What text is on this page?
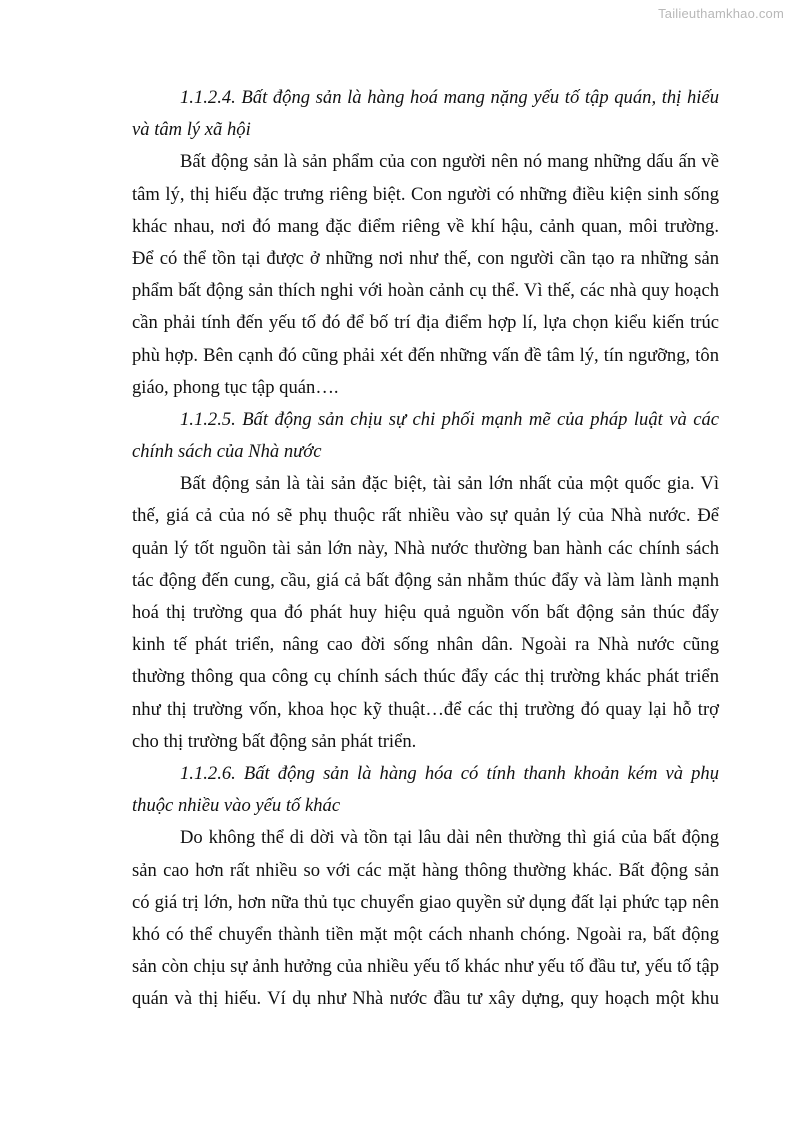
Tailieuthamkhao.com
1.1.2.4. Bất động sản là hàng hoá mang nặng yếu tố tập quán, thị hiếu
và tâm lý xã hội
Bất động sản là sản phẩm của con người nên nó mang những dấu ấn về
tâm lý, thị hiếu đặc trưng riêng biệt. Con người có những điều kiện sinh sống
khác nhau, nơi đó mang đặc điểm riêng về khí hậu, cảnh quan, môi trường.
Để có thể tồn tại được ở những nơi như thế, con người cần tạo ra những sản
phẩm bất động sản thích nghi với hoàn cảnh cụ thể. Vì thế, các nhà quy hoạch
cần phải tính đến yếu tố đó để bố trí địa điểm hợp lí, lựa chọn kiểu kiến trúc
phù hợp. Bên cạnh đó cũng phải xét đến những vấn đề tâm lý, tín ngưỡng, tôn
giáo, phong tục tập quán….
1.1.2.5. Bất động sản chịu sự chi phối mạnh mẽ của pháp luật và các
chính sách của Nhà nước
Bất động sản là tài sản đặc biệt, tài sản lớn nhất của một quốc gia. Vì
thế, giá cả của nó sẽ phụ thuộc rất nhiều vào sự quản lý của Nhà nước. Để
quản lý tốt nguồn tài sản lớn này, Nhà nước thường ban hành các chính sách
tác động đến cung, cầu, giá cả bất động sản nhằm thúc đẩy và làm lành mạnh
hoá thị trường qua đó phát huy hiệu quả nguồn vốn bất động sản thúc đẩy
kinh tế phát triển, nâng cao đời sống nhân dân. Ngoài ra Nhà nước cũng
thường thông qua công cụ chính sách thúc đẩy các thị trường khác phát triển
như thị trường vốn, khoa học kỹ thuật…để các thị trường đó quay lại hỗ trợ
cho thị trường bất động sản phát triển.
1.1.2.6. Bất động sản là hàng hóa có tính thanh khoản kém và phụ
thuộc nhiều vào yếu tố khác
Do không thể di dời và tồn tại lâu dài nên thường thì giá của bất động
sản cao hơn rất nhiều so với các mặt hàng thông thường khác. Bất động sản
có giá trị lớn, hơn nữa thủ tục chuyển giao quyền sử dụng đất lại phức tạp nên
khó có thể chuyển thành tiền mặt một cách nhanh chóng. Ngoài ra, bất động
sản còn chịu sự ảnh hưởng của nhiều yếu tố khác như yếu tố đầu tư, yếu tố tập
quán và thị hiếu. Ví dụ như Nhà nước đầu tư xây dựng, quy hoạch một khu
